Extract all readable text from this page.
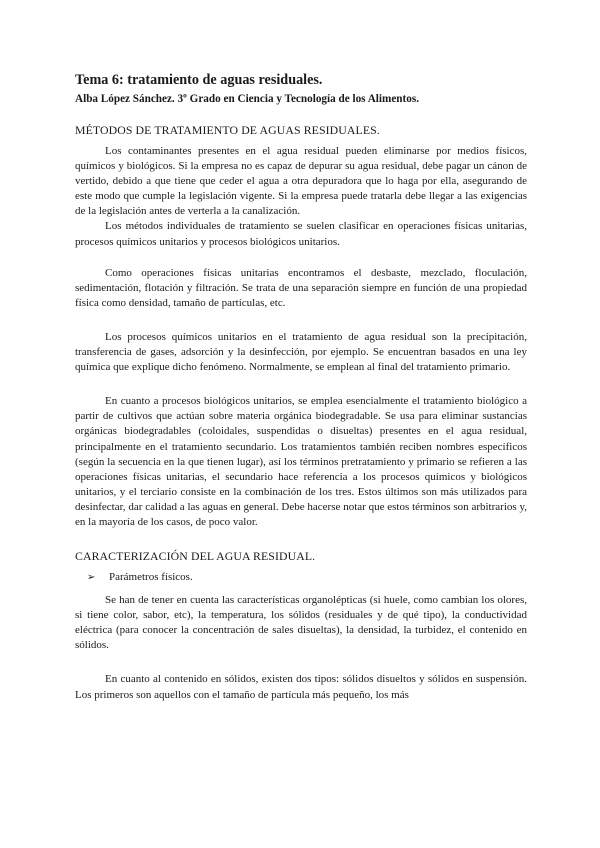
Tema 6: tratamiento de aguas residuales.
Alba López Sánchez. 3º Grado en Ciencia y Tecnología de los Alimentos.
MÉTODOS DE TRATAMIENTO DE AGUAS RESIDUALES.

Los contaminantes presentes en el agua residual pueden eliminarse por medios físicos, químicos y biológicos. Si la empresa no es capaz de depurar su agua residual, debe pagar un cánon de vertido, debido a que tiene que ceder el agua a otra depuradora que lo haga por ella, asegurando de este modo que cumple la legislación vigente. Si la empresa puede tratarla debe llegar a las exigencias de la legislación antes de verterla a la canalización.

Los métodos individuales de tratamiento se suelen clasificar en operaciones físicas unitarias, procesos químicos unitarios y procesos biológicos unitarios.

Como operaciones físicas unitarias encontramos el desbaste, mezclado, floculación, sedimentación, flotación y filtración. Se trata de una separación siempre en función de una propiedad física como densidad, tamaño de partículas, etc.

Los procesos químicos unitarios en el tratamiento de agua residual son la precipitación, transferencia de gases, adsorción y la desinfección, por ejemplo. Se encuentran basados en una ley química que explique dicho fenómeno. Normalmente, se emplean al final del tratamiento primario.

En cuanto a procesos biológicos unitarios, se emplea esencialmente el tratamiento biológico a partir de cultivos que actúan sobre materia orgánica biodegradable. Se usa para eliminar sustancias orgánicas biodegradables (coloidales, suspendidas o disueltas) presentes en el agua residual, principalmente en el tratamiento secundario. Los tratamientos también reciben nombres específicos (según la secuencia en la que tienen lugar), así los términos pretratamiento y primario se refieren a las operaciones físicas unitarias, el secundario hace referencia a los procesos químicos y biológicos unitarios, y el terciario consiste en la combinación de los tres. Estos últimos son más utilizados para desinfectar, dar calidad a las aguas en general. Debe hacerse notar que estos términos son arbitrarios y, en la mayoría de los casos, de poco valor.

CARACTERIZACIÓN DEL AGUA RESIDUAL.
➢	Parámetros físicos.

Se han de tener en cuenta las características organolépticas (si huele, como cambian los olores, si tiene color, sabor, etc), la temperatura, los sólidos (residuales y de qué tipo), la conductividad eléctrica (para conocer la concentración de sales disueltas), la densidad, la turbidez, el contenido en sólidos.

En cuanto al contenido en sólidos, existen dos tipos: sólidos disueltos y sólidos en suspensión. Los primeros son aquellos con el tamaño de partícula más pequeño, los más
